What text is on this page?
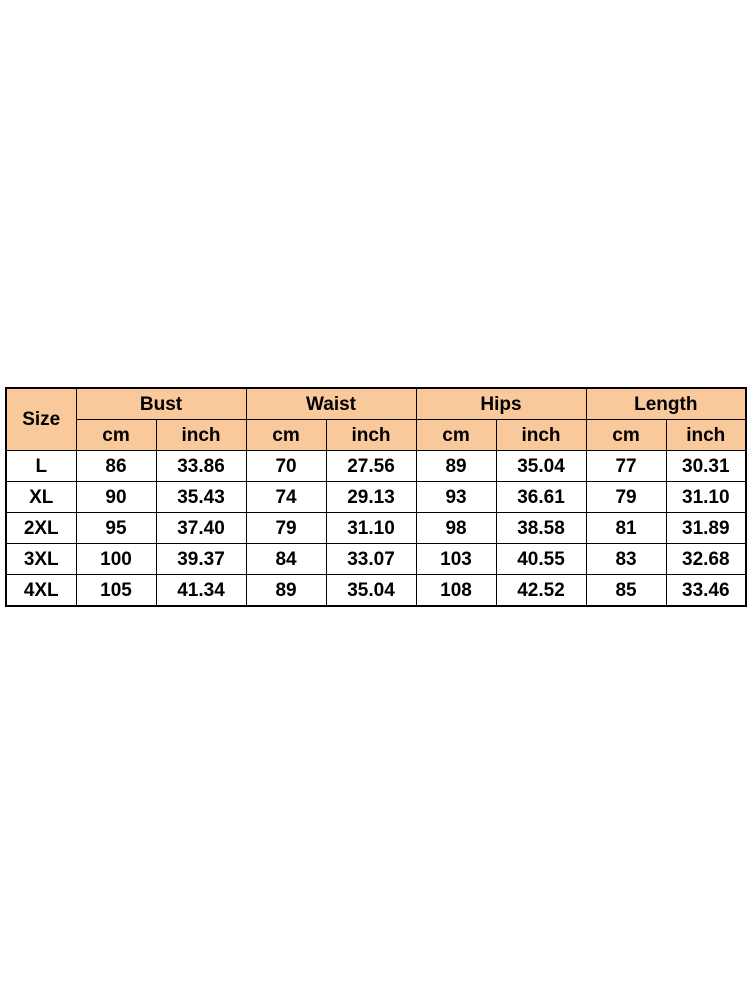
Size	Bust		Waist		Hips		Length	
	cm	inch	cm	inch	cm	inch	cm	inch
L	86	33.86	70	27.56	89	35.04	77	30.31
XL	90	35.43	74	29.13	93	36.61	79	31.10
2XL	95	37.40	79	31.10	98	38.58	81	31.89
3XL	100	39.37	84	33.07	103	40.55	83	32.68
4XL	105	41.34	89	35.04	108	42.52	85	33.46
